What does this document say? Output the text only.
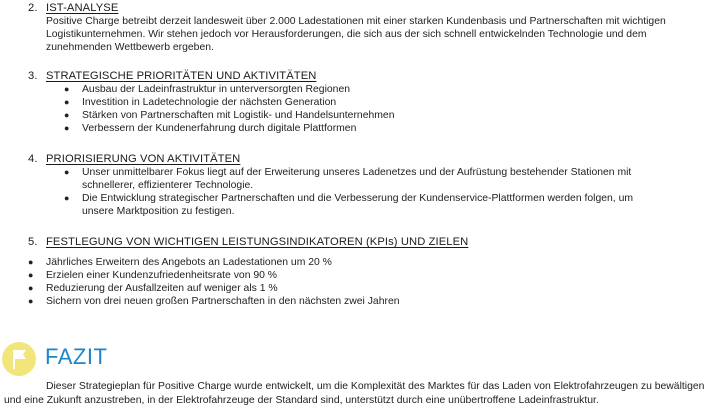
2. IST-ANALYSE
Positive Charge betreibt derzeit landesweit über 2.000 Ladestationen mit einer starken Kundenbasis und Partnerschaften mit wichtigen Logistikunternehmen. Wir stehen jedoch vor Herausforderungen, die sich aus der sich schnell entwickelnden Technologie und dem zunehmenden Wettbewerb ergeben.
3. STRATEGISCHE PRIORITÄTEN UND AKTIVITÄTEN
● Ausbau der Ladeinfrastruktur in unterversorgten Regionen
● Investition in Ladetechnologie der nächsten Generation
● Stärken von Partnerschaften mit Logistik- und Handelsunternehmen
● Verbessern der Kundenerfahrung durch digitale Plattformen
4. PRIORISIERUNG VON AKTIVITÄTEN
● Unser unmittelbarer Fokus liegt auf der Erweiterung unseres Ladenetzes und der Aufrüstung bestehender Stationen mit schnellerer, effizienterer Technologie.
● Die Entwicklung strategischer Partnerschaften und die Verbesserung der Kundenservice-Plattformen werden folgen, um unsere Marktposition zu festigen.
5. FESTLEGUNG VON WICHTIGEN LEISTUNGSINDIKATOREN (KPIs) UND ZIELEN
● Jährliches Erweitern des Angebots an Ladestationen um 20 %
● Erzielen einer Kundenzufriedenheitsrate von 90 %
● Reduzierung der Ausfallzeiten auf weniger als 1 %
● Sichern von drei neuen großen Partnerschaften in den nächsten zwei Jahren
FAZIT
Dieser Strategieplan für Positive Charge wurde entwickelt, um die Komplexität des Marktes für das Laden von Elektrofahrzeugen zu bewältigen und eine Zukunft anzustreben, in der Elektrofahrzeuge der Standard sind, unterstützt durch eine unübertroffene Ladeinfrastruktur.
